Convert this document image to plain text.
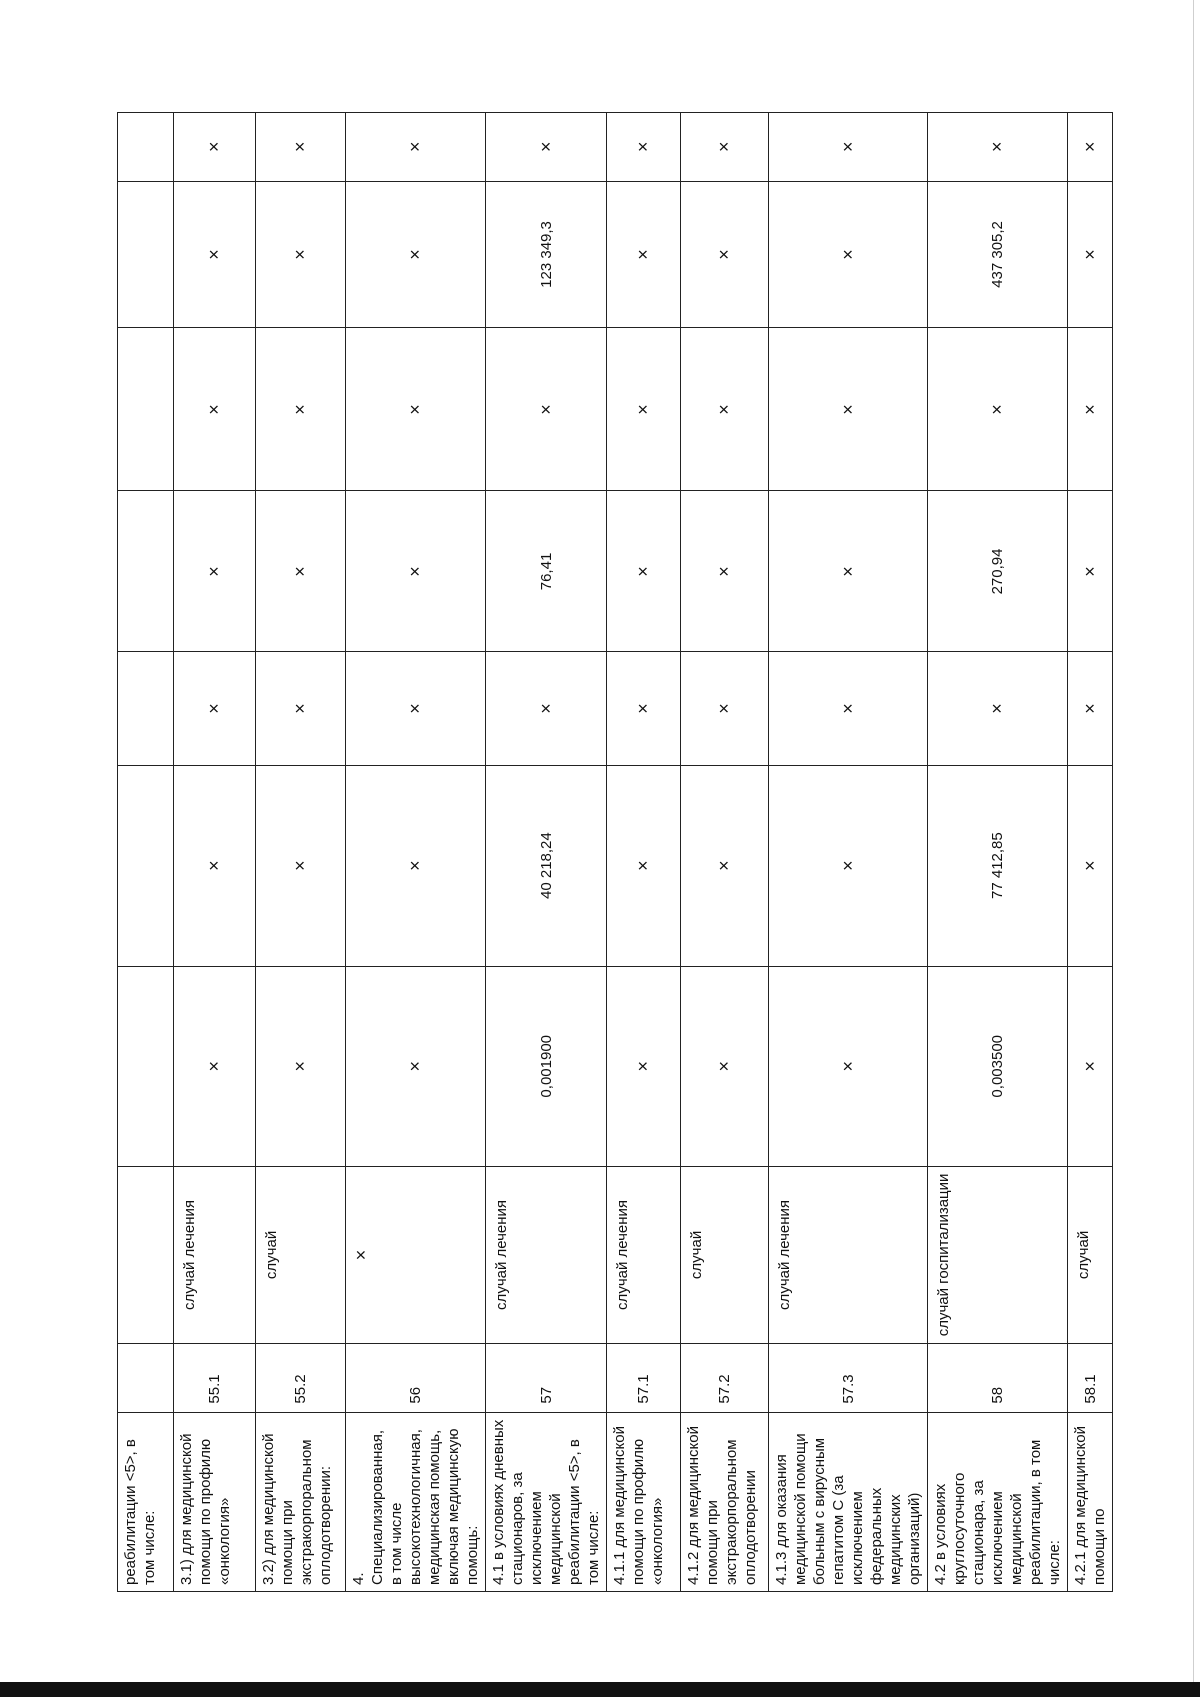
реабилитации <5>, в том числе:									
3.1) для медицинской помощи по профилю «онкология»	55.1	случай лечения	×	×	×	×	×	×	×
3.2) для медицинской помощи при экстракорпоральном оплодотворении:	55.2	случай	×	×	×	×	×	×	×
4. Специализированная, в том числе высокотехнологичная, медицинская помощь, включая медицинскую помощь:	56	×	×	×	×	×	×	×	×
4.1 в условиях дневных стационаров, за исключением медицинской реабилитации <5>, в том числе:	57	случай лечения	0,001900	40 218,24	×	76,41	×	123 349,3	×
4.1.1 для медицинской помощи по профилю «онкология»	57.1	случай лечения	×	×	×	×	×	×	×
4.1.2 для медицинской помощи при экстракорпоральном оплодотворении	57.2	случай	×	×	×	×	×	×	×
4.1.3 для оказания медицинской помощи больным с вирусным гепатитом С (за исключением федеральных медицинских организаций)	57.3	случай лечения	×	×	×	×	×	×	×
4.2 в условиях круглосуточного стационара, за исключением медицинской реабилитации, в том числе:	58	случай госпитализации	0,003500	77 412,85	×	270,94	×	437 305,2	×
4.2.1 для медицинской помощи по	58.1	случай	×	×	×	×	×	×	×
